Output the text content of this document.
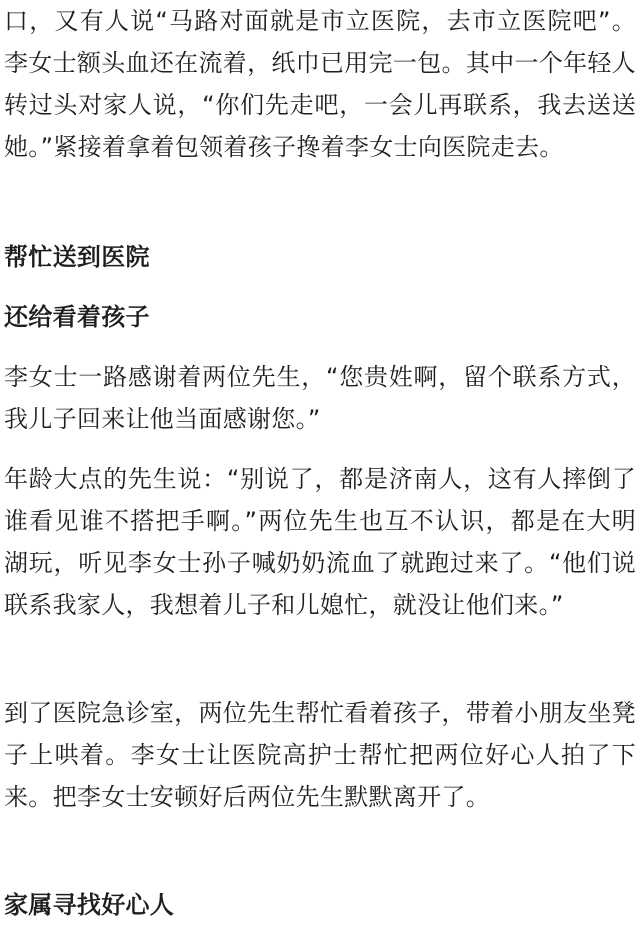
口，又有人说“马路对面就是市立医院，去市立医院吧”。李女士额头血还在流着，纸巾已用完一包。其中一个年轻人转过头对家人说，“你们先走吧，一会儿再联系，我去送送她。”紧接着拿着包领着孩子搀着李女士向医院走去。

帮忙送到医院
还给看着孩子

李女士一路感谢着两位先生，“您贵姓啊，留个联系方式，我儿子回来让他当面感谢您。”

年龄大点的先生说：“别说了，都是济南人，这有人摔倒了谁看见谁不搭把手啊。”两位先生也互不认识，都是在大明湖玩，听见李女士孙子喊奶奶流血了就跑过来了。“他们说联系我家人，我想着儿子和儿媳忙，就没让他们来。”

到了医院急诊室，两位先生帮忙看着孩子，带着小朋友坐凳子上哄着。李女士让医院高护士帮忙把两位好心人拍了下来。把李女士安顿好后两位先生默默离开了。

家属寻找好心人
